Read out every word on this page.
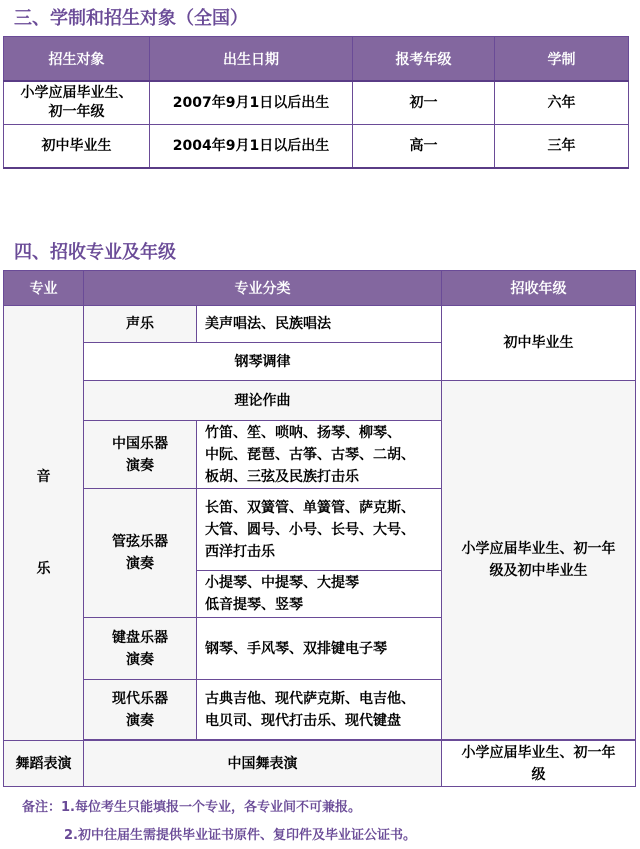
三、学制和招生对象（全国）
招生对象	出生日期	报考年级	学制
小学应届毕业生、
初一年级	2007年9月1日以后出生	初一	六年
初中毕业生	2004年9月1日以后出生	高一	三年
四、招收专业及年级
专业	专业分类		招收年级

音
乐	声乐	美声唱法、民族唱法	初中毕业生
	钢琴调律		
	理论作曲		小学应届毕业生、初一年
级及初中毕业生
	中国乐器
演奏	竹笛、笙、唢呐、扬琴、柳琴、
中阮、琵琶、古筝、古琴、二胡、
板胡、三弦及民族打击乐	
	管弦乐器
演奏	长笛、双簧管、单簧管、萨克斯、
大管、圆号、小号、长号、大号、
西洋打击乐	
		小提琴、中提琴、大提琴
低音提琴、竖琴	
	键盘乐器
演奏	钢琴、手风琴、双排键电子琴	
	现代乐器
演奏	古典吉他、现代萨克斯、电吉他、
电贝司、现代打击乐、现代键盘	

舞蹈表演	中国舞表演		小学应届毕业生、初一年
级

备注：1.每位考生只能填报一个专业，各专业间不可兼报。

2.初中往届生需提供毕业证书原件、复印件及毕业证公证书。
